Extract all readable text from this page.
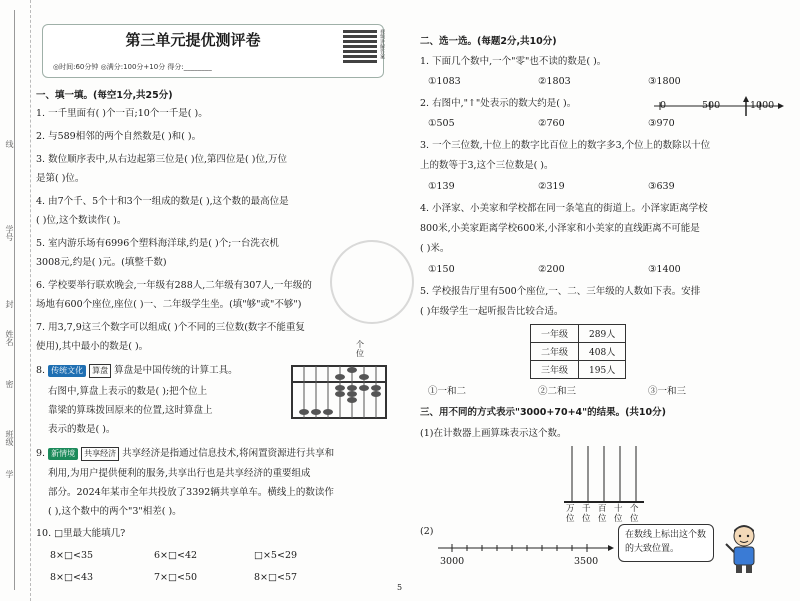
线
学号
封
姓名
密
班级
学
第三单元提优测评卷
◎时间:60分钟 ◎满分:100分+10分 得分:________
视频讲解答案
一、填一填。(每空1分,共25分)
1. 一千里面有( )个一百;10个一千是( )。
2. 与589相邻的两个自然数是( )和( )。
3. 数位顺序表中,从右边起第三位是( )位,第四位是( )位,万位
是第( )位。
4. 由7个千、5个十和3个一组成的数是( ),这个数的最高位是
( )位,这个数读作( )。
5. 室内游乐场有6996个塑料海洋球,约是( )个;一台洗衣机
3008元,约是( )元。(填整千数)
6. 学校要举行联欢晚会,一年级有288人,二年级有307人,一年级的
场地有600个座位,座位( )一、二年级学生坐。(填"够"或"不够")
7. 用3,7,9这三个数字可以组成( )个不同的三位数(数字不能重复
使用),其中最小的数是( )。
8. 传统文化 算盘 算盘是中国传统的计算工具。
右图中,算盘上表示的数是( );把个位上
靠梁的算珠拨回原来的位置,这时算盘上
表示的数是( )。
9. 新情境 共享经济 共享经济是指通过信息技术,将闲置资源进行共享和
利用,为用户提供便利的服务,共享出行也是共享经济的重要组成
部分。2024年某市全年共投放了3392辆共享单车。横线上的数读作
( ),这个数中的两个"3"相差( )。
10. □里最大能填几?
8×□<35	6×□<42	□×5<29
8×□<43	7×□<50	8×□<57
个位
二、选一选。(每题2分,共10分)
1. 下面几个数中,一个"零"也不读的数是( )。
①1083	②1803	③1800
2. 右图中,"↑"处表示的数大约是( )。	0	500	1000
①505	②760	③970
3. 一个三位数,十位上的数字比百位上的数字多3,个位上的数除以十位
上的数等于3,这个三位数是( )。
①139	②319	③639
4. 小泽家、小美家和学校都在同一条笔直的街道上。小泽家距离学校
800米,小美家距离学校600米,小泽家和小美家的直线距离不可能是
( )米。
①150	②200	③1400
5. 学校报告厅里有500个座位,一、二、三年级的人数如下表。安排
( )年级学生一起听报告比较合适。
一年级	289人
二年级	408人
三年级	195人
①一和二	②二和三	③一和三
三、用不同的方式表示"3000+70+4"的结果。(共10分)
(1)在计数器上画算珠表示这个数。
万位
千位
百位
十位
个位
(2)
3000	3500
在数线上标出这个数的大致位置。
5
